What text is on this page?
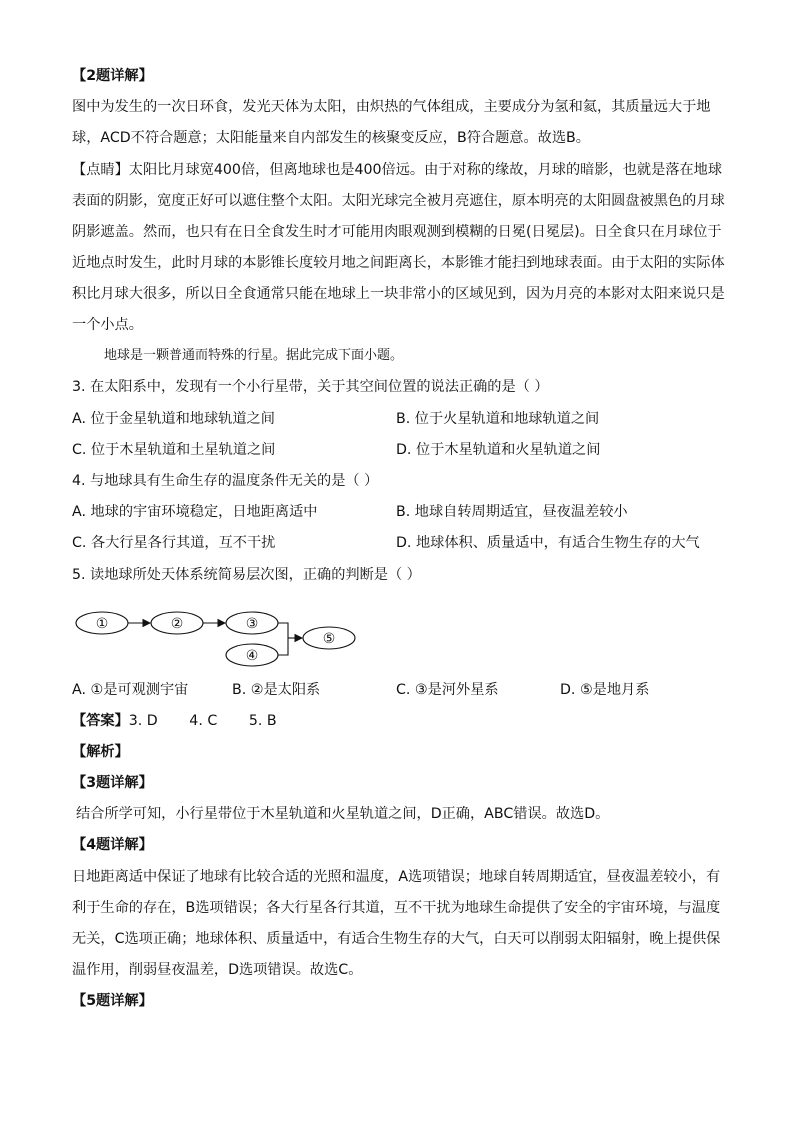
【2题详解】
图中为发生的一次日环食，发光天体为太阳，由炽热的气体组成，主要成分为氢和氦，其质量远大于地
球，ACD不符合题意；太阳能量来自内部发生的核聚变反应，B符合题意。故选B。
【点睛】太阳比月球宽400倍，但离地球也是400倍远。由于对称的缘故，月球的暗影，也就是落在地球
表面的阴影，宽度正好可以遮住整个太阳。太阳光球完全被月亮遮住，原本明亮的太阳圆盘被黑色的月球
阴影遮盖。然而，也只有在日全食发生时才可能用肉眼观测到模糊的日冕(日冕层)。日全食只在月球位于
近地点时发生，此时月球的本影锥长度较月地之间距离长，本影锥才能扫到地球表面。由于太阳的实际体
积比月球大很多，所以日全食通常只能在地球上一块非常小的区域见到，因为月亮的本影对太阳来说只是
一个小点。
地球是一颗普通而特殊的行星。据此完成下面小题。
3. 在太阳系中，发现有一个小行星带，关于其空间位置的说法正确的是（ ）
A. 位于金星轨道和地球轨道之间	B. 位于火星轨道和地球轨道之间
C. 位于木星轨道和土星轨道之间	D. 位于木星轨道和火星轨道之间
4. 与地球具有生命生存的温度条件无关的是（ ）
A. 地球的宇宙环境稳定，日地距离适中	B. 地球自转周期适宜，昼夜温差较小
C. 各大行星各行其道，互不干扰	D. 地球体积、质量适中，有适合生物生存的大气
5. 读地球所处天体系统简易层次图，正确的判断是（ ）
①	②	③
④
⑤
A. ①是可观测宇宙	B. ②是太阳系	C. ③是河外星系	D. ⑤是地月系
【答案】3. D       4. C       5. B
【解析】
【3题详解】
结合所学可知，小行星带位于木星轨道和火星轨道之间，D正确，ABC错误。故选D。
【4题详解】
日地距离适中保证了地球有比较合适的光照和温度，A选项错误；地球自转周期适宜，昼夜温差较小，有
利于生命的存在，B选项错误；各大行星各行其道，互不干扰为地球生命提供了安全的宇宙环境，与温度
无关，C选项正确；地球体积、质量适中，有适合生物生存的大气，白天可以削弱太阳辐射，晚上提供保
温作用，削弱昼夜温差，D选项错误。故选C。
【5题详解】
